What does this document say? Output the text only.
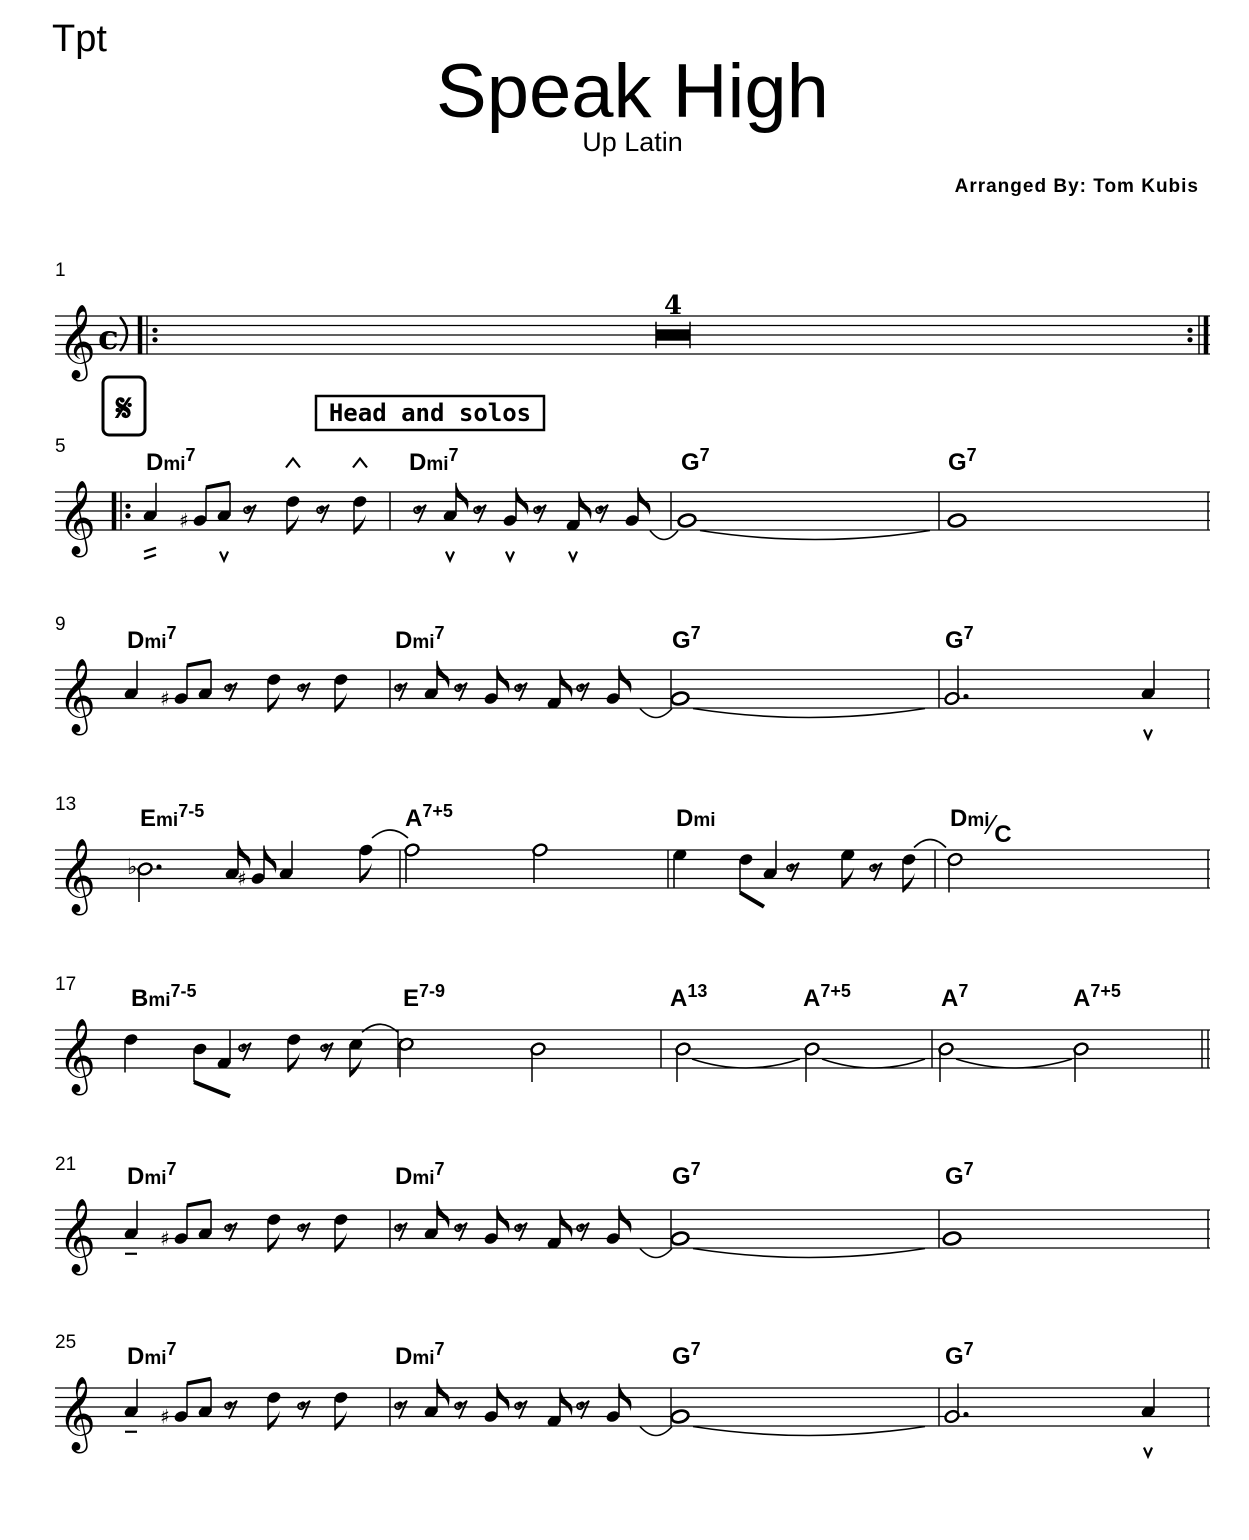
Tpt
Speak High
Up Latin
Arranged By: Tom Kubis
𝄞
1
c
4
𝄋	Head and solos
𝄞
5
Dmi$^7$	Dmi$^7$	$G^7$	$G^7$
𝄞
9
Dmi$^7$	Dmi$^7$	$G^7$	$G^7$
𝄞
13
Emi$^{7-5}$	$A^{7+5}$	Dmi	Dmi⁄C
𝄞
17
Bmi$^{7-5}$	$E^{7-9}$	$A^{13}$	$A^{7+5}$	$A^7$	$A^{7+5}$
𝄞
21 Dmi$^7$	Dmi$^7$	$G^7$	$G^7$
𝄞
25
Dmi$^7$	Dmi$^7$	$G^7$	$G^7$
♯
♯
♭	♯
♯
♯
